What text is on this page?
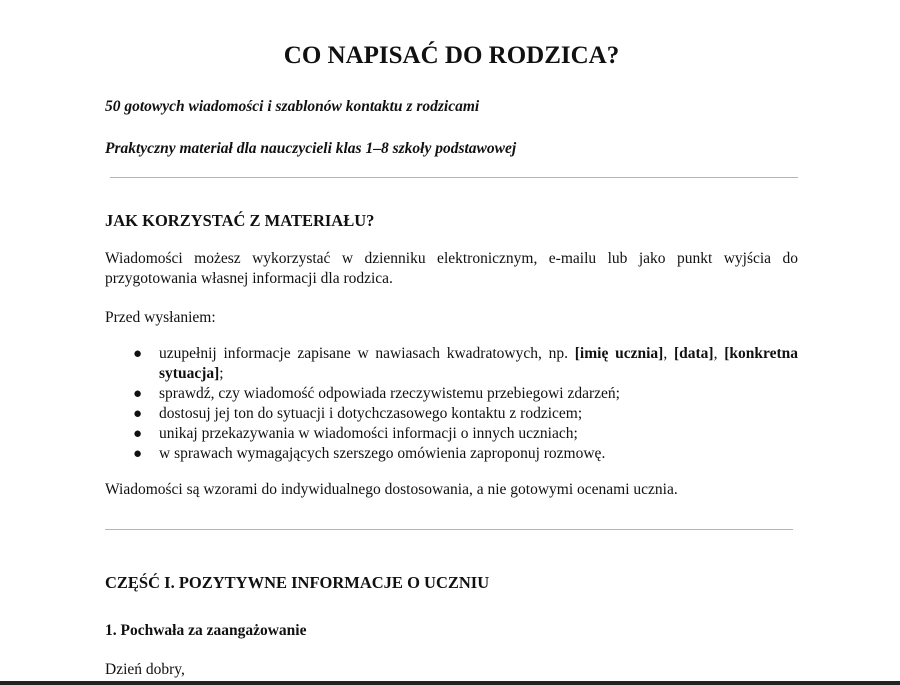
CO NAPISAĆ DO RODZICA?

50 gotowych wiadomości i szablonów kontaktu z rodzicami

Praktyczny materiał dla nauczycieli klas 1–8 szkoły podstawowej

JAK KORZYSTAĆ Z MATERIAŁU?

Wiadomości możesz wykorzystać w dzienniku elektronicznym, e-mailu lub jako punkt wyjścia do przygotowania własnej informacji dla rodzica.

Przed wysłaniem:

● uzupełnij informacje zapisane w nawiasach kwadratowych, np. [imię ucznia], [data], [konkretna sytuacja];
● sprawdź, czy wiadomość odpowiada rzeczywistemu przebiegowi zdarzeń;
● dostosuj jej ton do sytuacji i dotychczasowego kontaktu z rodzicem;
● unikaj przekazywania w wiadomości informacji o innych uczniach;
● w sprawach wymagających szerszego omówienia zaproponuj rozmowę.

Wiadomości są wzorami do indywidualnego dostosowania, a nie gotowymi ocenami ucznia.

CZĘŚĆ I. POZYTYWNE INFORMACJE O UCZNIU
1. Pochwała za zaangażowanie

Dzień dobry,
